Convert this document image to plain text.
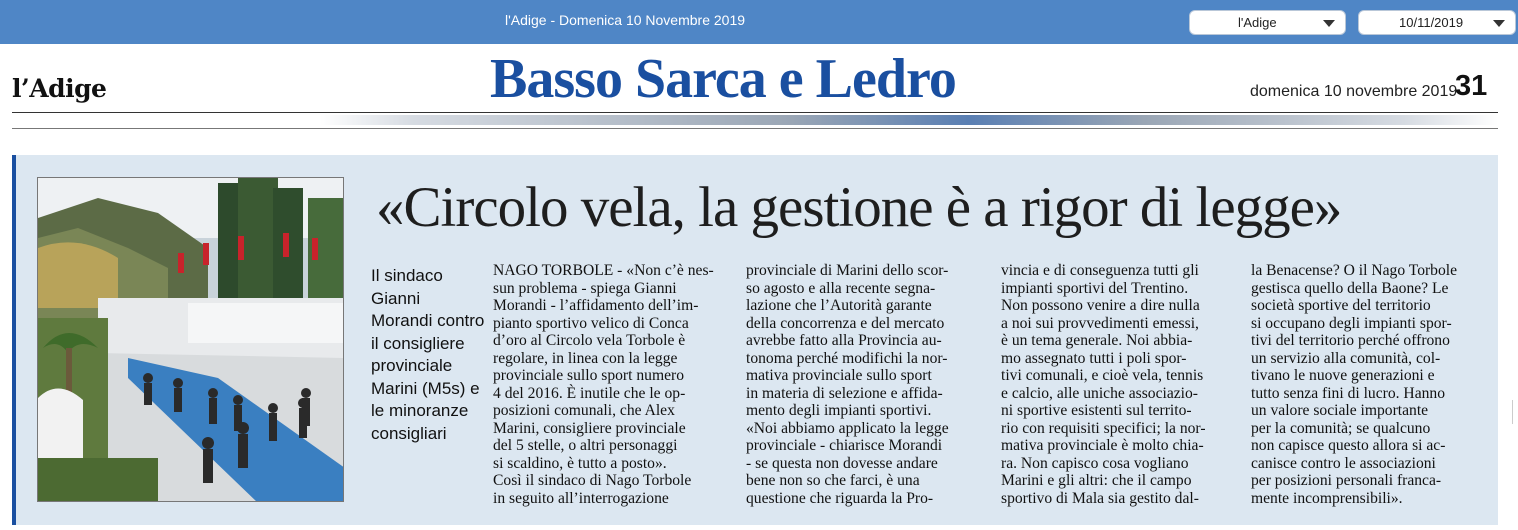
l'Adige - Domenica 10 Novembre 2019	l'Adige	10/11/2019
l’Adige	Basso Sarca e Ledro	domenica 10 novembre 2019
31
«Circolo vela, la gestione è a rigor di legge»
Il sindaco Gianni Morandi contro il consigliere provinciale Marini (M5s) e le minoranze consigliari
NAGO TORBOLE - «Non c’è nes-
sun problema - spiega Gianni
Morandi - l’affidamento dell’im-
pianto sportivo velico di Conca
d’oro al Circolo vela Torbole è
regolare, in linea con la legge
provinciale sullo sport numero
4 del 2016. È inutile che le op-
posizioni comunali, che Alex
Marini, consigliere provinciale
del 5 stelle, o altri personaggi
si scaldino, è tutto a posto».
Così il sindaco di Nago Torbole
in seguito all’interrogazione
provinciale di Marini dello scor-
so agosto e alla recente segna-
lazione che l’Autorità garante
della concorrenza e del mercato
avrebbe fatto alla Provincia au-
tonoma perché modifichi la nor-
mativa provinciale sullo sport
in materia di selezione e affida-
mento degli impianti sportivi.
«Noi abbiamo applicato la legge
provinciale - chiarisce Morandi
- se questa non dovesse andare
bene non so che farci, è una
questione che riguarda la Pro-
vincia e di conseguenza tutti gli
impianti sportivi del Trentino.
Non possono venire a dire nulla
a noi sui provvedimenti emessi,
è un tema generale. Noi abbia-
mo assegnato tutti i poli spor-
tivi comunali, e cioè vela, tennis
e calcio, alle uniche associazio-
ni sportive esistenti sul territo-
rio con requisiti specifici; la nor-
mativa provinciale è molto chia-
ra. Non capisco cosa vogliano
Marini e gli altri: che il campo
sportivo di Mala sia gestito dal-
la Benacense? O il Nago Torbole
gestisca quello della Baone? Le
società sportive del territorio
si occupano degli impianti spor-
tivi del territorio perché offrono
un servizio alla comunità, col-
tivano le nuove generazioni e
tutto senza fini di lucro. Hanno
un valore sociale importante
per la comunità; se qualcuno
non capisce questo allora si ac-
canisce contro le associazioni
per posizioni personali franca-
mente incomprensibili».
